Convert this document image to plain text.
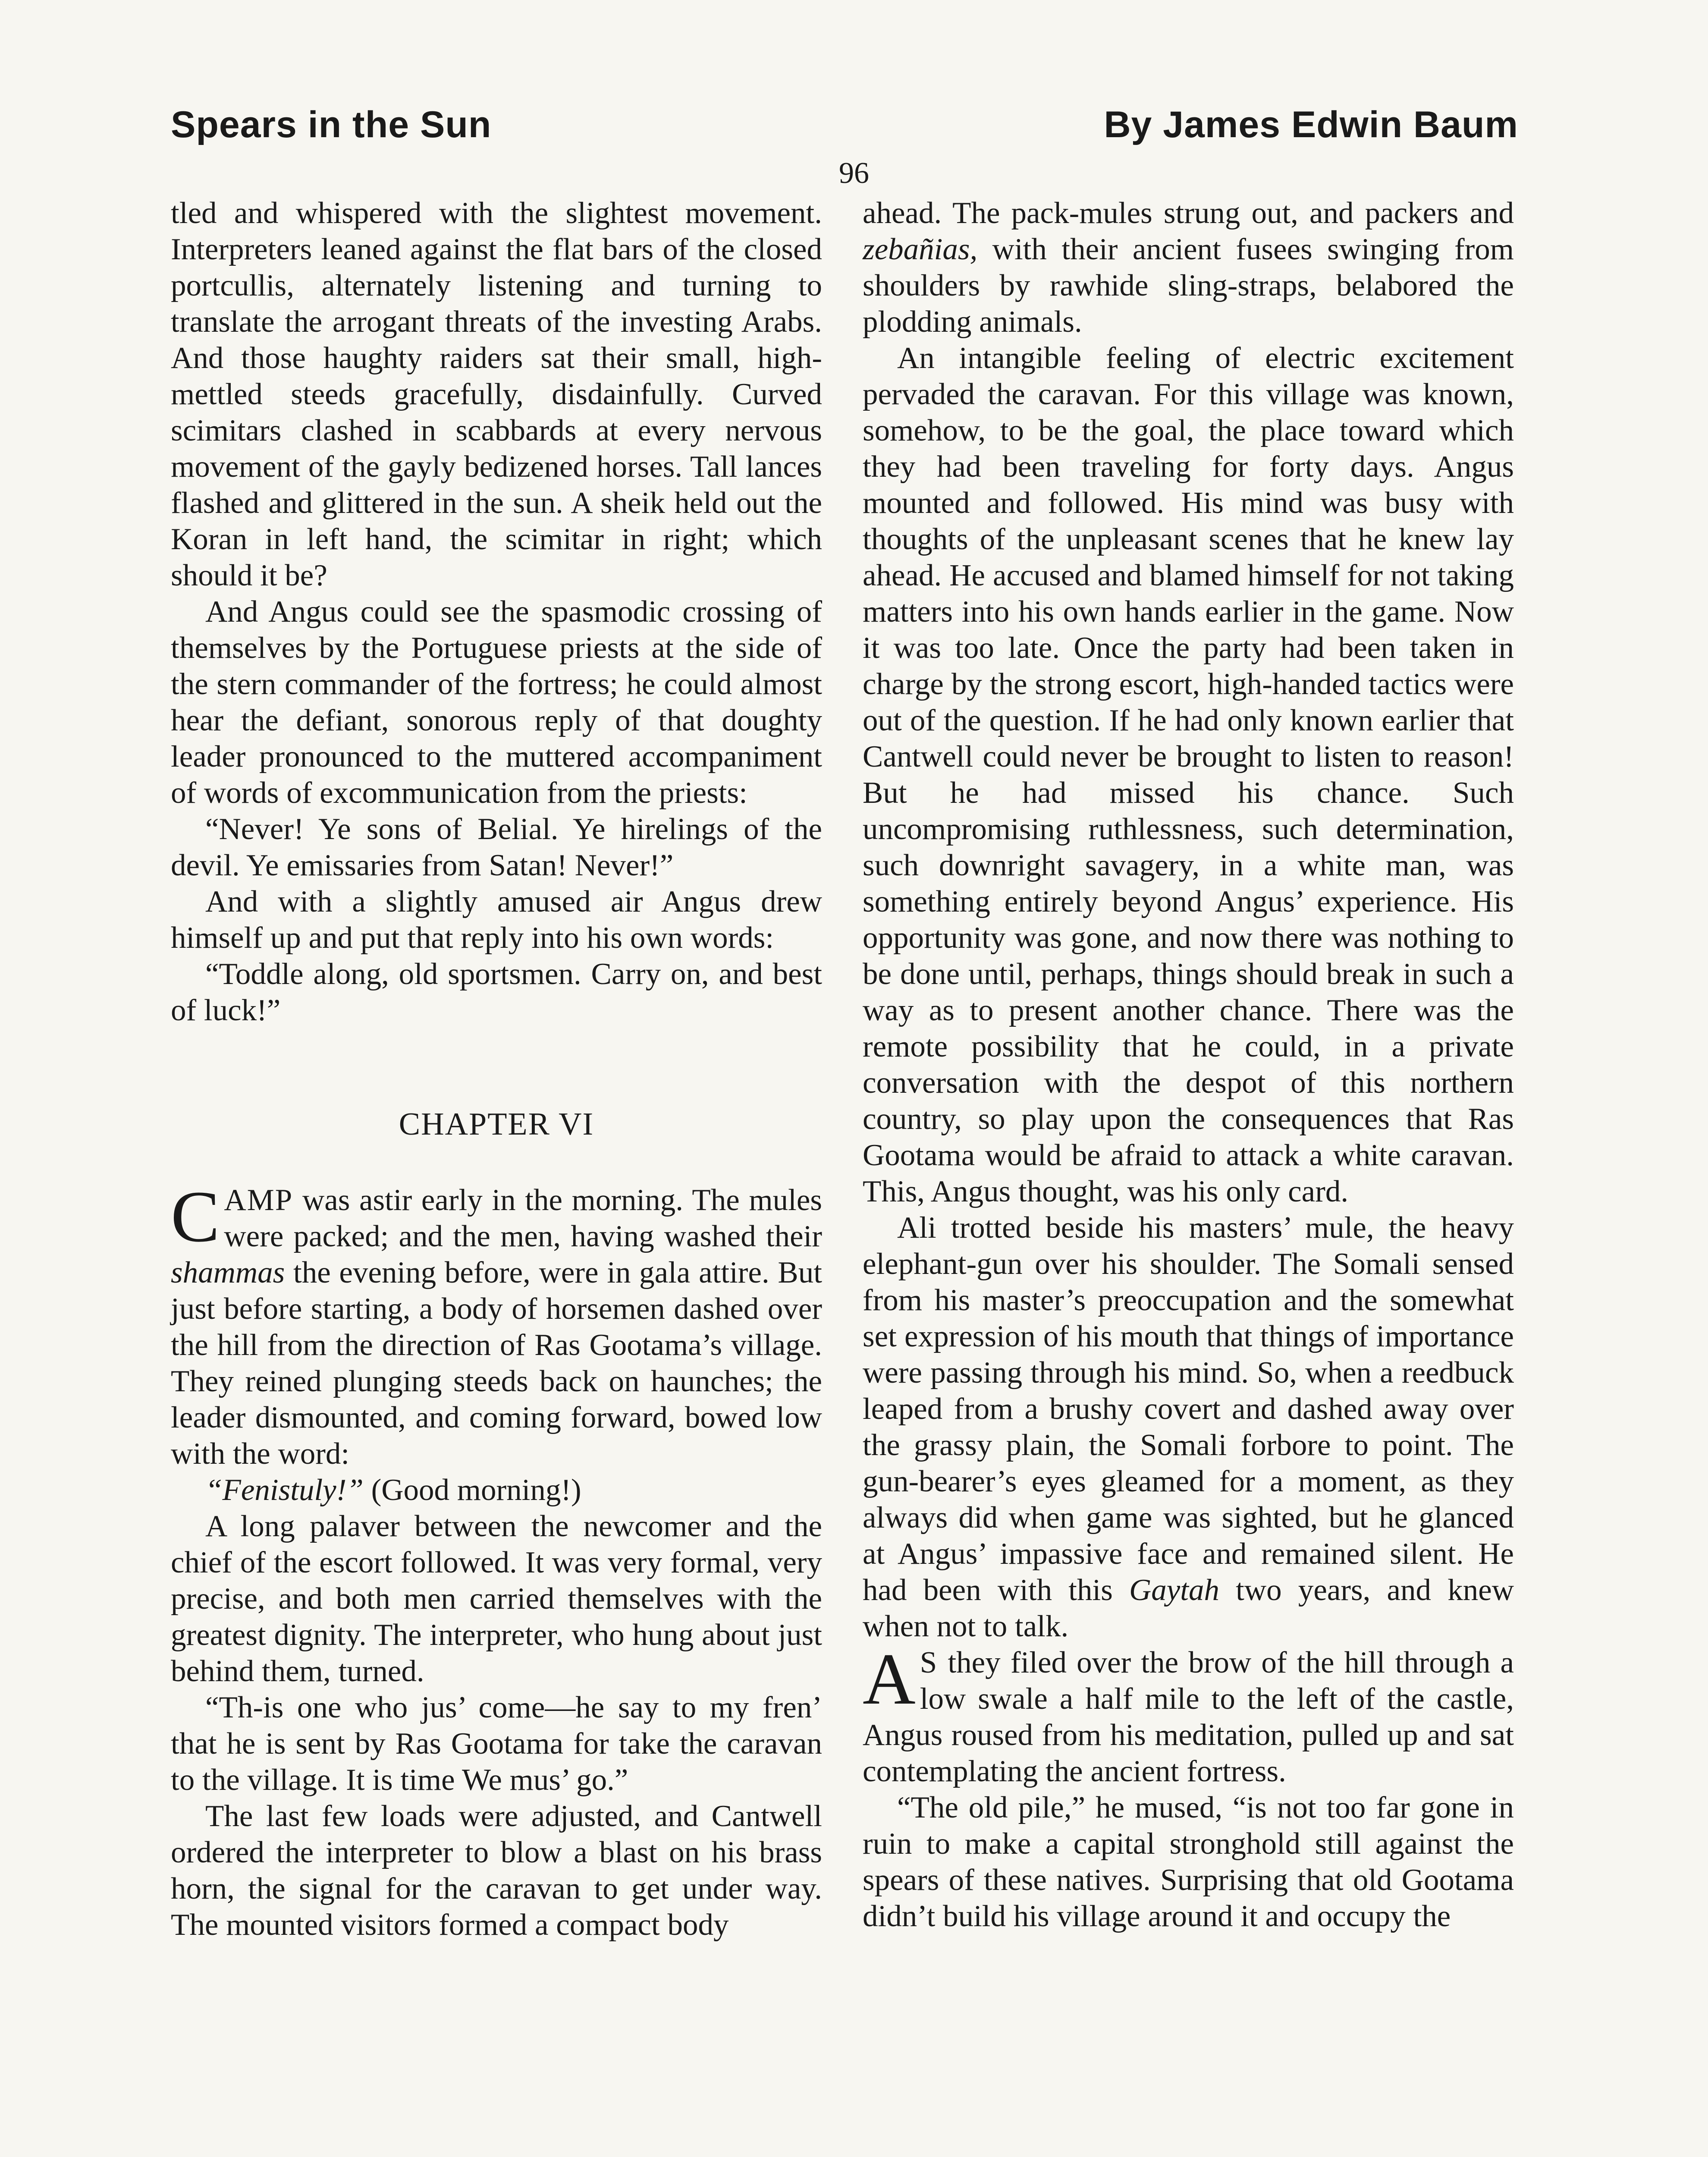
Spears in the Sun	By James Edwin Baum
96

tled and whispered with the slightest movement. Interpreters leaned against the flat bars of the closed portcullis, alternately listening and turning to translate the arrogant threats of the investing Arabs. And those haughty raiders sat their small, high-mettled steeds gracefully, disdainfully. Curved scimitars clashed in scabbards at every nervous movement of the gayly bedizened horses. Tall lances flashed and glittered in the sun. A sheik held out the Koran in left hand, the scimitar in right; which should it be?

And Angus could see the spasmodic crossing of themselves by the Portuguese priests at the side of the stern commander of the fortress; he could almost hear the defiant, sonorous reply of that doughty leader pronounced to the muttered accompaniment of words of excommunication from the priests:

“Never! Ye sons of Belial. Ye hirelings of the devil. Ye emissaries from Satan! Never!”

And with a slightly amused air Angus drew himself up and put that reply into his own words:

“Toddle along, old sportsmen. Carry on, and best of luck!”

CHAPTER VI

CAMP was astir early in the morning. The mules were packed; and the men, having washed their shammas the evening before, were in gala attire. But just before starting, a body of horsemen dashed over the hill from the direction of Ras Gootama’s village. They reined plunging steeds back on haunches; the leader dismounted, and coming forward, bowed low with the word:

“Fenistuly!” (Good morning!)

A long palaver between the newcomer and the chief of the escort followed. It was very formal, very precise, and both men carried themselves with the greatest dignity. The interpreter, who hung about just behind them, turned.

“Th-is one who jus’ come—he say to my fren’ that he is sent by Ras Gootama for take the caravan to the village. It is time We mus’ go.”

The last few loads were adjusted, and Cantwell ordered the interpreter to blow a blast on his brass horn, the signal for the caravan to get under way. The mounted visitors formed a compact body

ahead. The pack-mules strung out, and packers and zebañias, with their ancient fusees swinging from shoulders by rawhide sling-straps, belabored the plodding animals.

An intangible feeling of electric excitement pervaded the caravan. For this village was known, somehow, to be the goal, the place toward which they had been traveling for forty days. Angus mounted and followed. His mind was busy with thoughts of the unpleasant scenes that he knew lay ahead. He accused and blamed himself for not taking matters into his own hands earlier in the game. Now it was too late. Once the party had been taken in charge by the strong escort, high-handed tactics were out of the question. If he had only known earlier that Cantwell could never be brought to listen to reason! But he had missed his chance. Such uncompromising ruthlessness, such determination, such downright savagery, in a white man, was something entirely beyond Angus’ experience. His opportunity was gone, and now there was nothing to be done until, perhaps, things should break in such a way as to present another chance. There was the remote possibility that he could, in a private conversation with the despot of this northern country, so play upon the consequences that Ras Gootama would be afraid to attack a white caravan. This, Angus thought, was his only card.

Ali trotted beside his masters’ mule, the heavy elephant-gun over his shoulder. The Somali sensed from his master’s preoccupation and the somewhat set expression of his mouth that things of importance were passing through his mind. So, when a reedbuck leaped from a brushy covert and dashed away over the grassy plain, the Somali forbore to point. The gun-bearer’s eyes gleamed for a moment, as they always did when game was sighted, but he glanced at Angus’ impassive face and remained silent. He had been with this Gaytah two years, and knew when not to talk.

A S they filed over the brow of the hill through a low swale a half mile to the left of the castle, Angus roused from his meditation, pulled up and sat contemplating the ancient fortress.

“The old pile,” he mused, “is not too far gone in ruin to make a capital stronghold still against the spears of these natives. Surprising that old Gootama didn’t build his village around it and occupy the
